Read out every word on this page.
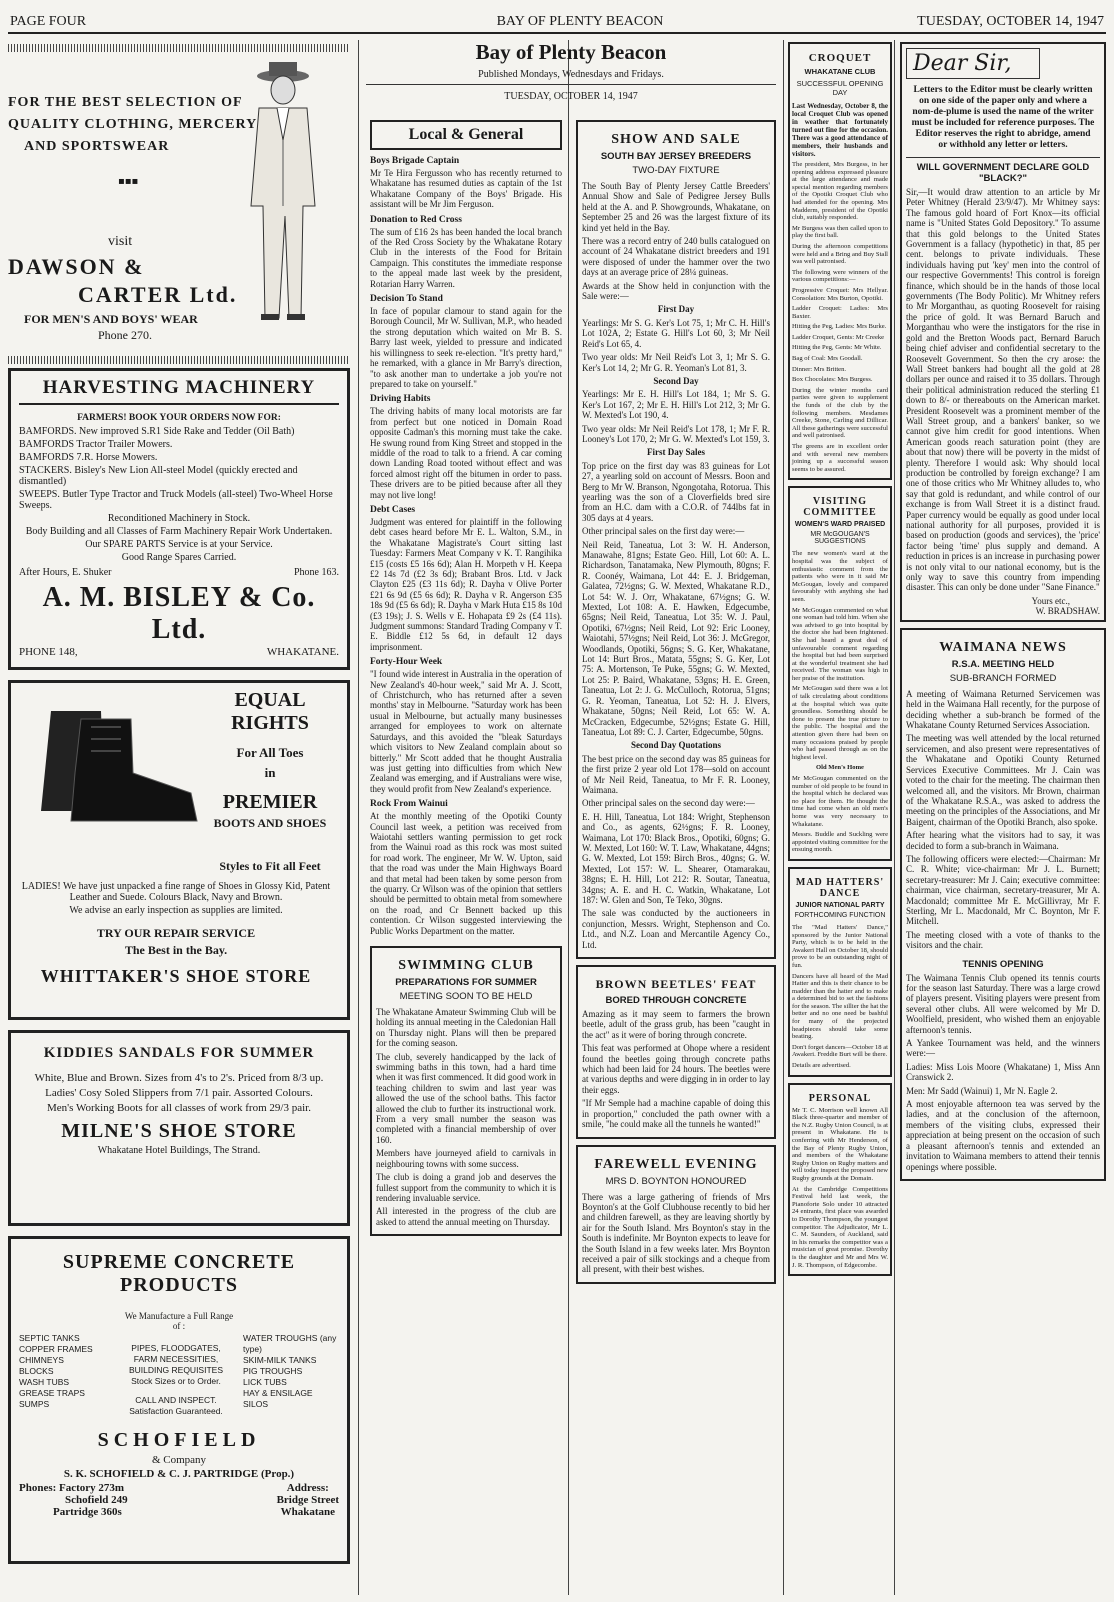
PAGE FOUR	BAY OF PLENTY BEACON	TUESDAY, OCTOBER 14, 1947
FOR THE BEST SELECTION OF
QUALITY CLOTHING, MERCERY
AND SPORTSWEAR
▪▪▪
visit
DAWSON &
CARTER Ltd.
FOR MEN'S AND BOYS' WEAR
Phone 270.
HARVESTING MACHINERY
FARMERS! BOOK YOUR ORDERS NOW FOR:
BAMFORDS. New improved S.R1 Side Rake and Tedder (Oil Bath)
BAMFORDS Tractor Trailer Mowers.
BAMFORDS 7.R. Horse Mowers.
STACKERS. Bisley's New Lion All-steel Model (quickly erected and dismantled)
SWEEPS. Butler Type Tractor and Truck Models (all-steel) Two-Wheel Horse Sweeps.
Reconditioned Machinery in Stock.
Body Building and all Classes of Farm Machinery Repair Work Undertaken.
Our SPARE PARTS Service is at your Service.
Good Range Spares Carried.
After Hours, E. Shuker	Phone 163.
A. M. BISLEY & Co. Ltd.
PHONE 148,	WHAKATANE.
EQUAL
RIGHTS
For All Toes
in
PREMIER
BOOTS AND SHOES
Styles to Fit all Feet
LADIES! We have just unpacked a fine range of Shoes in Glossy Kid, Patent Leather and Suede. Colours Black, Navy and Brown.
We advise an early inspection as supplies are limited.
TRY OUR REPAIR SERVICE
The Best in the Bay.
WHITTAKER'S SHOE STORE
KIDDIES SANDALS FOR SUMMER
White, Blue and Brown. Sizes from 4's to 2's. Priced from 8/3 up.
Ladies' Cosy Soled Slippers from 7/1 pair. Assorted Colours.
Men's Working Boots for all classes of work from 29/3 pair.
MILNE'S SHOE STORE
Whakatane Hotel Buildings, The Strand.
SUPREME CONCRETE
PRODUCTS
We Manufacture a Full Range of :
SEPTIC TANKS
COPPER FRAMES
CHIMNEYS
BLOCKS
WASH TUBS
GREASE TRAPS
SUMPS
PIPES, FLOODGATES,
FARM NECESSITIES,
BUILDING REQUISITES
Stock Sizes or to Order.
CALL AND INSPECT.
Satisfaction Guaranteed.
WATER TROUGHS (any type)
SKIM-MILK TANKS
PIG TROUGHS
LICK TUBS
HAY & ENSILAGE SILOS
SCHOFIELD
& Company
S. K. SCHOFIELD & C. J. PARTRIDGE (Prop.)
Phones: Factory 273m
Schofield 249
Partridge 360s
Address:
Bridge Street
Whakatane
Bay of Plenty Beacon
Published Mondays, Wednesdays and Fridays.
TUESDAY, OCTOBER 14, 1947
Local & General
Boys Brigade Captain

Mr Te Hira Fergusson who has recently returned to Whakatane has resumed duties as captain of the 1st Whakatane Company of the Boys' Brigade. His assistant will be Mr Jim Ferguson.

Donation to Red Cross

The sum of £16 2s has been handed the local branch of the Red Cross Society by the Whakatane Rotary Club in the interests of the Food for Britain Campaign. This constitutes the immediate response to the appeal made last week by the president, Rotarian Harry Warren.

Decision To Stand

In face of popular clamour to stand again for the Borough Council, Mr W. Sullivan, M.P., who headed the strong deputation which waited on Mr B. S. Barry last week, yielded to pressure and indicated his willingness to seek re-election. "It's pretty hard," he remarked, with a glance in Mr Barry's direction, "to ask another man to undertake a job you're not prepared to take on yourself."

Driving Habits

The driving habits of many local motorists are far from perfect but one noticed in Domain Road opposite Cadman's this morning must take the cake. He swung round from King Street and stopped in the middle of the road to talk to a friend. A car coming down Landing Road tooted without effect and was forced almost right off the bitumen in order to pass. These drivers are to be pitied because after all they may not live long!

Debt Cases

Judgment was entered for plaintiff in the following debt cases heard before Mr E. L. Walton, S.M., in the Whakatane Magistrate's Court sitting last Tuesday: Farmers Meat Company v K. T. Rangihika £15 (costs £5 16s 6d); Alan H. Morpeth v H. Keepa £2 14s 7d (£2 3s 6d); Brabant Bros. Ltd. v Jack Clayton £25 (£3 11s 6d); R. Dayha v Olive Porter £21 6s 9d (£5 6s 6d); R. Dayha v R. Angerson £35 18s 9d (£5 6s 6d); R. Dayha v Mark Huta £15 8s 10d (£3 19s); J. S. Wells v E. Hohapata £9 2s (£4 11s). Judgment summons: Standard Trading Company v T. E. Biddle £12 5s 6d, in default 12 days imprisonment.

Forty-Hour Week

"I found wide interest in Australia in the operation of New Zealand's 40-hour week," said Mr A. J. Scott, of Christchurch, who has returned after a seven months' stay in Melbourne. "Saturday work has been usual in Melbourne, but actually many businesses arranged for employees to work on alternate Saturdays, and this avoided the "bleak Saturdays which visitors to New Zealand complain about so bitterly." Mr Scott added that he thought Australia was just getting into difficulties from which New Zealand was emerging, and if Australians were wise, they would profit from New Zealand's experience.

Rock From Wainui

At the monthly meeting of the Opotiki County Council last week, a petition was received from Waiotahi settlers wanting permission to get rock from the Wainui road as this rock was most suited for road work. The engineer, Mr W. W. Upton, said that the road was under the Main Highways Board and that metal had been taken by some person from the quarry. Cr Wilson was of the opinion that settlers should be permitted to obtain metal from somewhere on the road, and Cr Bennett backed up this contention. Cr Wilson suggested interviewing the Public Works Department on the matter.

SWIMMING CLUB
PREPARATIONS FOR SUMMER
MEETING SOON TO BE HELD

The Whakatane Amateur Swimming Club will be holding its annual meeting in the Caledonian Hall on Thursday night. Plans will then be prepared for the coming season.

The club, severely handicapped by the lack of swimming baths in this town, had a hard time when it was first commenced. It did good work in teaching children to swim and last year was allowed the use of the school baths. This factor allowed the club to further its instructional work. From a very small number the season was completed with a financial membership of over 160.

Members have journeyed afield to carnivals in neighbouring towns with some success.

The club is doing a grand job and deserves the fullest support from the community to which it is rendering invaluable service.

All interested in the progress of the club are asked to attend the annual meeting on Thursday.

SHOW AND SALE
SOUTH BAY JERSEY BREEDERS
TWO-DAY FIXTURE

The South Bay of Plenty Jersey Cattle Breeders' Annual Show and Sale of Pedigree Jersey Bulls held at the A. and P. Showgrounds, Whakatane, on September 25 and 26 was the largest fixture of its kind yet held in the Bay.

There was a record entry of 240 bulls catalogued on account of 24 Whakatane district breeders and 191 were disposed of under the hammer over the two days at an average price of 28¼ guineas.

Awards at the Show held in conjunction with the Sale were:—

First Day

Yearlings: Mr S. G. Ker's Lot 75, 1; Mr C. H. Hill's Lot 102A, 2; Estate G. Hill's Lot 60, 3; Mr Neil Reid's Lot 65, 4.

Two year olds: Mr Neil Reid's Lot 3, 1; Mr S. G. Ker's Lot 14, 2; Mr G. R. Yeoman's Lot 81, 3.

Second Day

Yearlings: Mr E. H. Hill's Lot 184, 1; Mr S. G. Ker's Lot 167, 2; Mr E. H. Hill's Lot 212, 3; Mr G. W. Mexted's Lot 190, 4.

Two year olds: Mr Neil Reid's Lot 178, 1; Mr F. R. Looney's Lot 170, 2; Mr G. W. Mexted's Lot 159, 3.

First Day Sales

Top price on the first day was 83 guineas for Lot 27, a yearling sold on account of Messrs. Boon and Berg to Mr W. Branson, Ngongotaha, Rotorua. This yearling was the son of a Cloverfields bred sire from an H.C. dam with a C.O.R. of 744lbs fat in 305 days at 4 years.

Other principal sales on the first day were:—

Neil Reid, Taneatua, Lot 3: W. H. Anderson, Manawahe, 81gns; Estate Geo. Hill, Lot 60: A. L. Richardson, Tanatamaka, New Plymouth, 80gns; F. R. Coonéy, Waimana, Lot 44: E. J. Bridgeman, Galatea, 72½gns; G. W. Mexted, Whakatane R.D., Lot 54: W. J. Orr, Whakatane, 67½gns; G. W. Mexted, Lot 108: A. E. Hawken, Edgecumbe, 65gns; Neil Reid, Taneatua, Lot 35: W. J. Paul, Opotiki, 67½gns; Neil Reid, Lot 92: Eric Looney, Waiotahi, 57½gns; Neil Reid, Lot 36: J. McGregor, Woodlands, Opotiki, 56gns; S. G. Ker, Whakatane, Lot 14: Burt Bros., Matata, 55gns; S. G. Ker, Lot 75: A. Mortenson, Te Puke, 55gns; G. W. Mexted, Lot 25: P. Baird, Whakatane, 53gns; H. E. Green, Taneatua, Lot 2: J. G. McCulloch, Rotorua, 51gns; G. R. Yeoman, Taneatua, Lot 52: H. J. Elvers, Whakatane, 50gns; Neil Reid, Lot 65: W. A. McCracken, Edgecumbe, 52½gns; Estate G. Hill, Taneatua, Lot 89: C. J. Carter, Edgecumbe, 50gns.

Second Day Quotations

The best price on the second day was 85 guineas for the first prize 2 year old Lot 178—sold on account of Mr Neil Reid, Taneatua, to Mr F. R. Looney, Waimana.

Other principal sales on the second day were:—

E. H. Hill, Taneatua, Lot 184: Wright, Stephenson and Co., as agents, 62½gns; F. R. Looney, Waimana, Lot 170: Black Bros., Opotiki, 60gns; G. W. Mexted, Lot 160: W. T. Law, Whakatane, 44gns; G. W. Mexted, Lot 159: Birch Bros., 40gns; G. W. Mexted, Lot 157: W. L. Shearer, Otamarakau, 38gns; E. H. Hill, Lot 212: R. Soutar, Taneatua, 34gns; A. E. and H. C. Watkin, Whakatane, Lot 187: W. Glen and Son, Te Teko, 30gns.

The sale was conducted by the auctioneers in conjunction, Messrs. Wright, Stephenson and Co. Ltd., and N.Z. Loan and Mercantile Agency Co., Ltd.

BROWN BEETLES' FEAT
BORED THROUGH CONCRETE

Amazing as it may seem to farmers the brown beetle, adult of the grass grub, has been "caught in the act" as it were of boring through concrete.

This feat was performed at Ohope where a resident found the beetles going through concrete paths which had been laid for 24 hours. The beetles were at various depths and were digging in in order to lay their eggs.

"If Mr Semple had a machine capable of doing this in proportion," concluded the path owner with a smile, "he could make all the tunnels he wanted!"

FAREWELL EVENING
MRS D. BOYNTON HONOURED

There was a large gathering of friends of Mrs Boynton's at the Golf Clubhouse recently to bid her and children farewell, as they are leaving shortly by air for the South Island. Mrs Boynton's stay in the South is indefinite. Mr Boynton expects to leave for the South Island in a few weeks later. Mrs Boynton received a pair of silk stockings and a cheque from all present, with their best wishes.

Dear Sir,
Letters to the Editor must be clearly written on one side of the paper only and where a nom-de-plume is used the name of the writer must be included for reference purposes. The Editor reserves the right to abridge, amend or withhold any letter or letters.
WILL GOVERNMENT DECLARE GOLD "BLACK?"

Sir,—It would draw attention to an article by Mr Peter Whitney (Herald 23/9/47). Mr Whitney says: The famous gold hoard of Fort Knox—its official name is "United States Gold Depository." To assume that this gold belongs to the United States Government is a fallacy (hypothetic) in that, 85 per cent. belongs to private individuals. These individuals having put 'key' men into the control of our respective Governments! This control is foreign finance, which should be in the hands of those local governments (The Body Politic). Mr Whitney refers to Mr Morganthau, as quoting Roosevelt for raising the price of gold. It was Bernard Baruch and Morganthau who were the instigators for the rise in gold and the Bretton Woods pact, Bernard Baruch being chief adviser and confidential secretary to the Roosevelt Government. So then the cry arose: the Wall Street bankers had bought all the gold at 28 dollars per ounce and raised it to 35 dollars. Through their political administration reduced the sterling £1 down to 8/- or thereabouts on the American market. President Roosevelt was a prominent member of the Wall Street group, and a bankers' banker, so we cannot give him credit for good intentions. When American goods reach saturation point (they are about that now) there will be poverty in the midst of plenty. Therefore I would ask: Why should local production be controlled by foreign exchange? I am one of those critics who Mr Whitney alludes to, who say that gold is redundant, and while control of our exchange is from Wall Street it is a distinct fraud. Paper currency would be equally as good under local national authority for all purposes, provided it is based on production (goods and services), the 'price' factor being 'time' plus supply and demand. A reduction in prices is an increase in purchasing power is not only vital to our national economy, but is the only way to save this country from impending disaster. This can only be done under "Sane Finance."

Yours etc.,
W. BRADSHAW.
WAIMANA NEWS
R.S.A. MEETING HELD
SUB-BRANCH FORMED

A meeting of Waimana Returned Servicemen was held in the Waimana Hall recently, for the purpose of deciding whether a sub-branch be formed of the Whakatane County Returned Services Association.

The meeting was well attended by the local returned servicemen, and also present were representatives of the Whakatane and Opotiki County Returned Services Executive Committees. Mr J. Cain was voted to the chair for the meeting. The chairman then welcomed all, and the visitors. Mr Brown, chairman of the Whakatane R.S.A., was asked to address the meeting on the principles of the Associations, and Mr Baigent, chairman of the Opotiki Branch, also spoke.

After hearing what the visitors had to say, it was decided to form a sub-branch in Waimana.

The following officers were elected:—Chairman: Mr C. R. White; vice-chairman: Mr J. L. Burnett; secretary-treasurer: Mr J. Cain; executive committee: chairman, vice chairman, secretary-treasurer, Mr A. Macdonald; committee Mr E. McGillivray, Mr F. Sterling, Mr L. Macdonald, Mr C. Boynton, Mr F. Mitchell.

The meeting closed with a vote of thanks to the visitors and the chair.

TENNIS OPENING

The Waimana Tennis Club opened its tennis courts for the season last Saturday. There was a large crowd of players present. Visiting players were present from several other clubs. All were welcomed by Mr D. Woolfield, president, who wished them an enjoyable afternoon's tennis.

A Yankee Tournament was held, and the winners were:—

Ladies: Miss Lois Moore (Whakatane) 1, Miss Ann Cranswick 2.

Men: Mr Sadd (Wainui) 1, Mr N. Eagle 2.

A most enjoyable afternoon tea was served by the ladies, and at the conclusion of the afternoon, members of the visiting clubs, expressed their appreciation at being present on the occasion of such a pleasant afternoon's tennis and extended an invitation to Waimana members to attend their tennis openings where possible.

CROQUET
WHAKATANE CLUB
SUCCESSFUL OPENING DAY

Last Wednesday, October 8, the local Croquet Club was opened in weather that fortunately turned out fine for the occasion. There was a good attendance of members, their husbands and visitors.

The president, Mrs Burgess, in her opening address expressed pleasure at the large attendance and made special mention regarding members of the Opotiki Croquet Club who had attended for the opening. Mrs Madderm, president of the Opotiki club, suitably responded.

Mr Burgess was then called upon to play the first ball.

During the afternoon competitions were held and a Bring and Buy Stall was well patronised.

The following were winners of the various competitions:—

Progressive Croquet: Mrs Hellyar. Consolation: Mrs Burton, Opotiki.

Ladder Croquet: Ladies: Mrs Baxter.

Hitting the Peg, Ladies: Mrs Burke.

Ladder Croquet, Gents: Mr Creeke

Hitting the Peg, Gents: Mr White.

Bag of Coal: Mrs Goodall.

Dinner: Mrs Britten.

Box Chocolates: Mrs Burgess.

During the winter months card parties were given to supplement the funds of the club by the following members. Mesdames Creeke, Stone, Carling and Dillicar. All these gatherings were successful and well patronised.

The greens are in excellent order and with several new members joining up a successful season seems to be assured.

VISITING COMMITTEE
WOMEN'S WARD PRAISED
MR McGOUGAN'S SUGGESTIONS

The new women's ward at the hospital was the subject of enthusiastic comment from the patients who were in it said Mr McGougan, lovely and compared favourably with anything she had seen.

Mr McGougan commented on what one woman had told him. When she was advised to go into hospital by the doctor she had been frightened. She had heard a great deal of unfavourable comment regarding the hospital but had been surprised at the wonderful treatment she had received. The woman was high in her praise of the institution.

Mr McGougan said there was a lot of talk circulating about conditions at the hospital which was quite groundless. Something should be done to present the true picture to the public. The hospital and the attention given there had been on many occasions praised by people who had passed through as on the highest level.

Old Men's Home

Mr McGougan commented on the number of old people to be found in the hospital which he declared was no place for them. He thought the time had come when an old men's home was very necessary to Whakatane.

Messrs. Buddle and Suckling were appointed visiting committee for the ensuing month.

MAD HATTERS' DANCE
JUNIOR NATIONAL PARTY
FORTHCOMING FUNCTION

The "Mad Hatters' Dance," sponsored by the Junior National Party, which is to be held in the Awakeri Hall on October 18, should prove to be an outstanding night of fun.

Dancers have all heard of the Mad Hatter and this is their chance to be madder than the hatter and to make a determined bid to set the fashions for the season. The sillier the hat the better and no one need be bashful for many of the projected headpieces should take some beating.

Don't forget dancers—October 18 at Awakeri. Freddie Burt will be there.

Details are advertised.

PERSONAL

Mr T. C. Morrison well known All Black three-quarter and member of the N.Z. Rugby Union Council, is at present in Whakatane. He is conferring with Mr Henderson, of the Bay of Plenty Rugby Union, and members of the Whakatane Rugby Union on Rugby matters and will today inspect the proposed new Rugby grounds at the Domain.

At the Cambridge Competitions Festival held last week, the Pianoforte Solo under 10 attracted 24 entrants, first place was awarded to Dorothy Thompson, the youngest competitor. The Adjudicator, Mr L. C. M. Saunders, of Auckland, said in his remarks the competitor was a musician of great promise. Dorothy is the daughter and Mr and Mrs W. J. R. Thompson, of Edgecombe.
